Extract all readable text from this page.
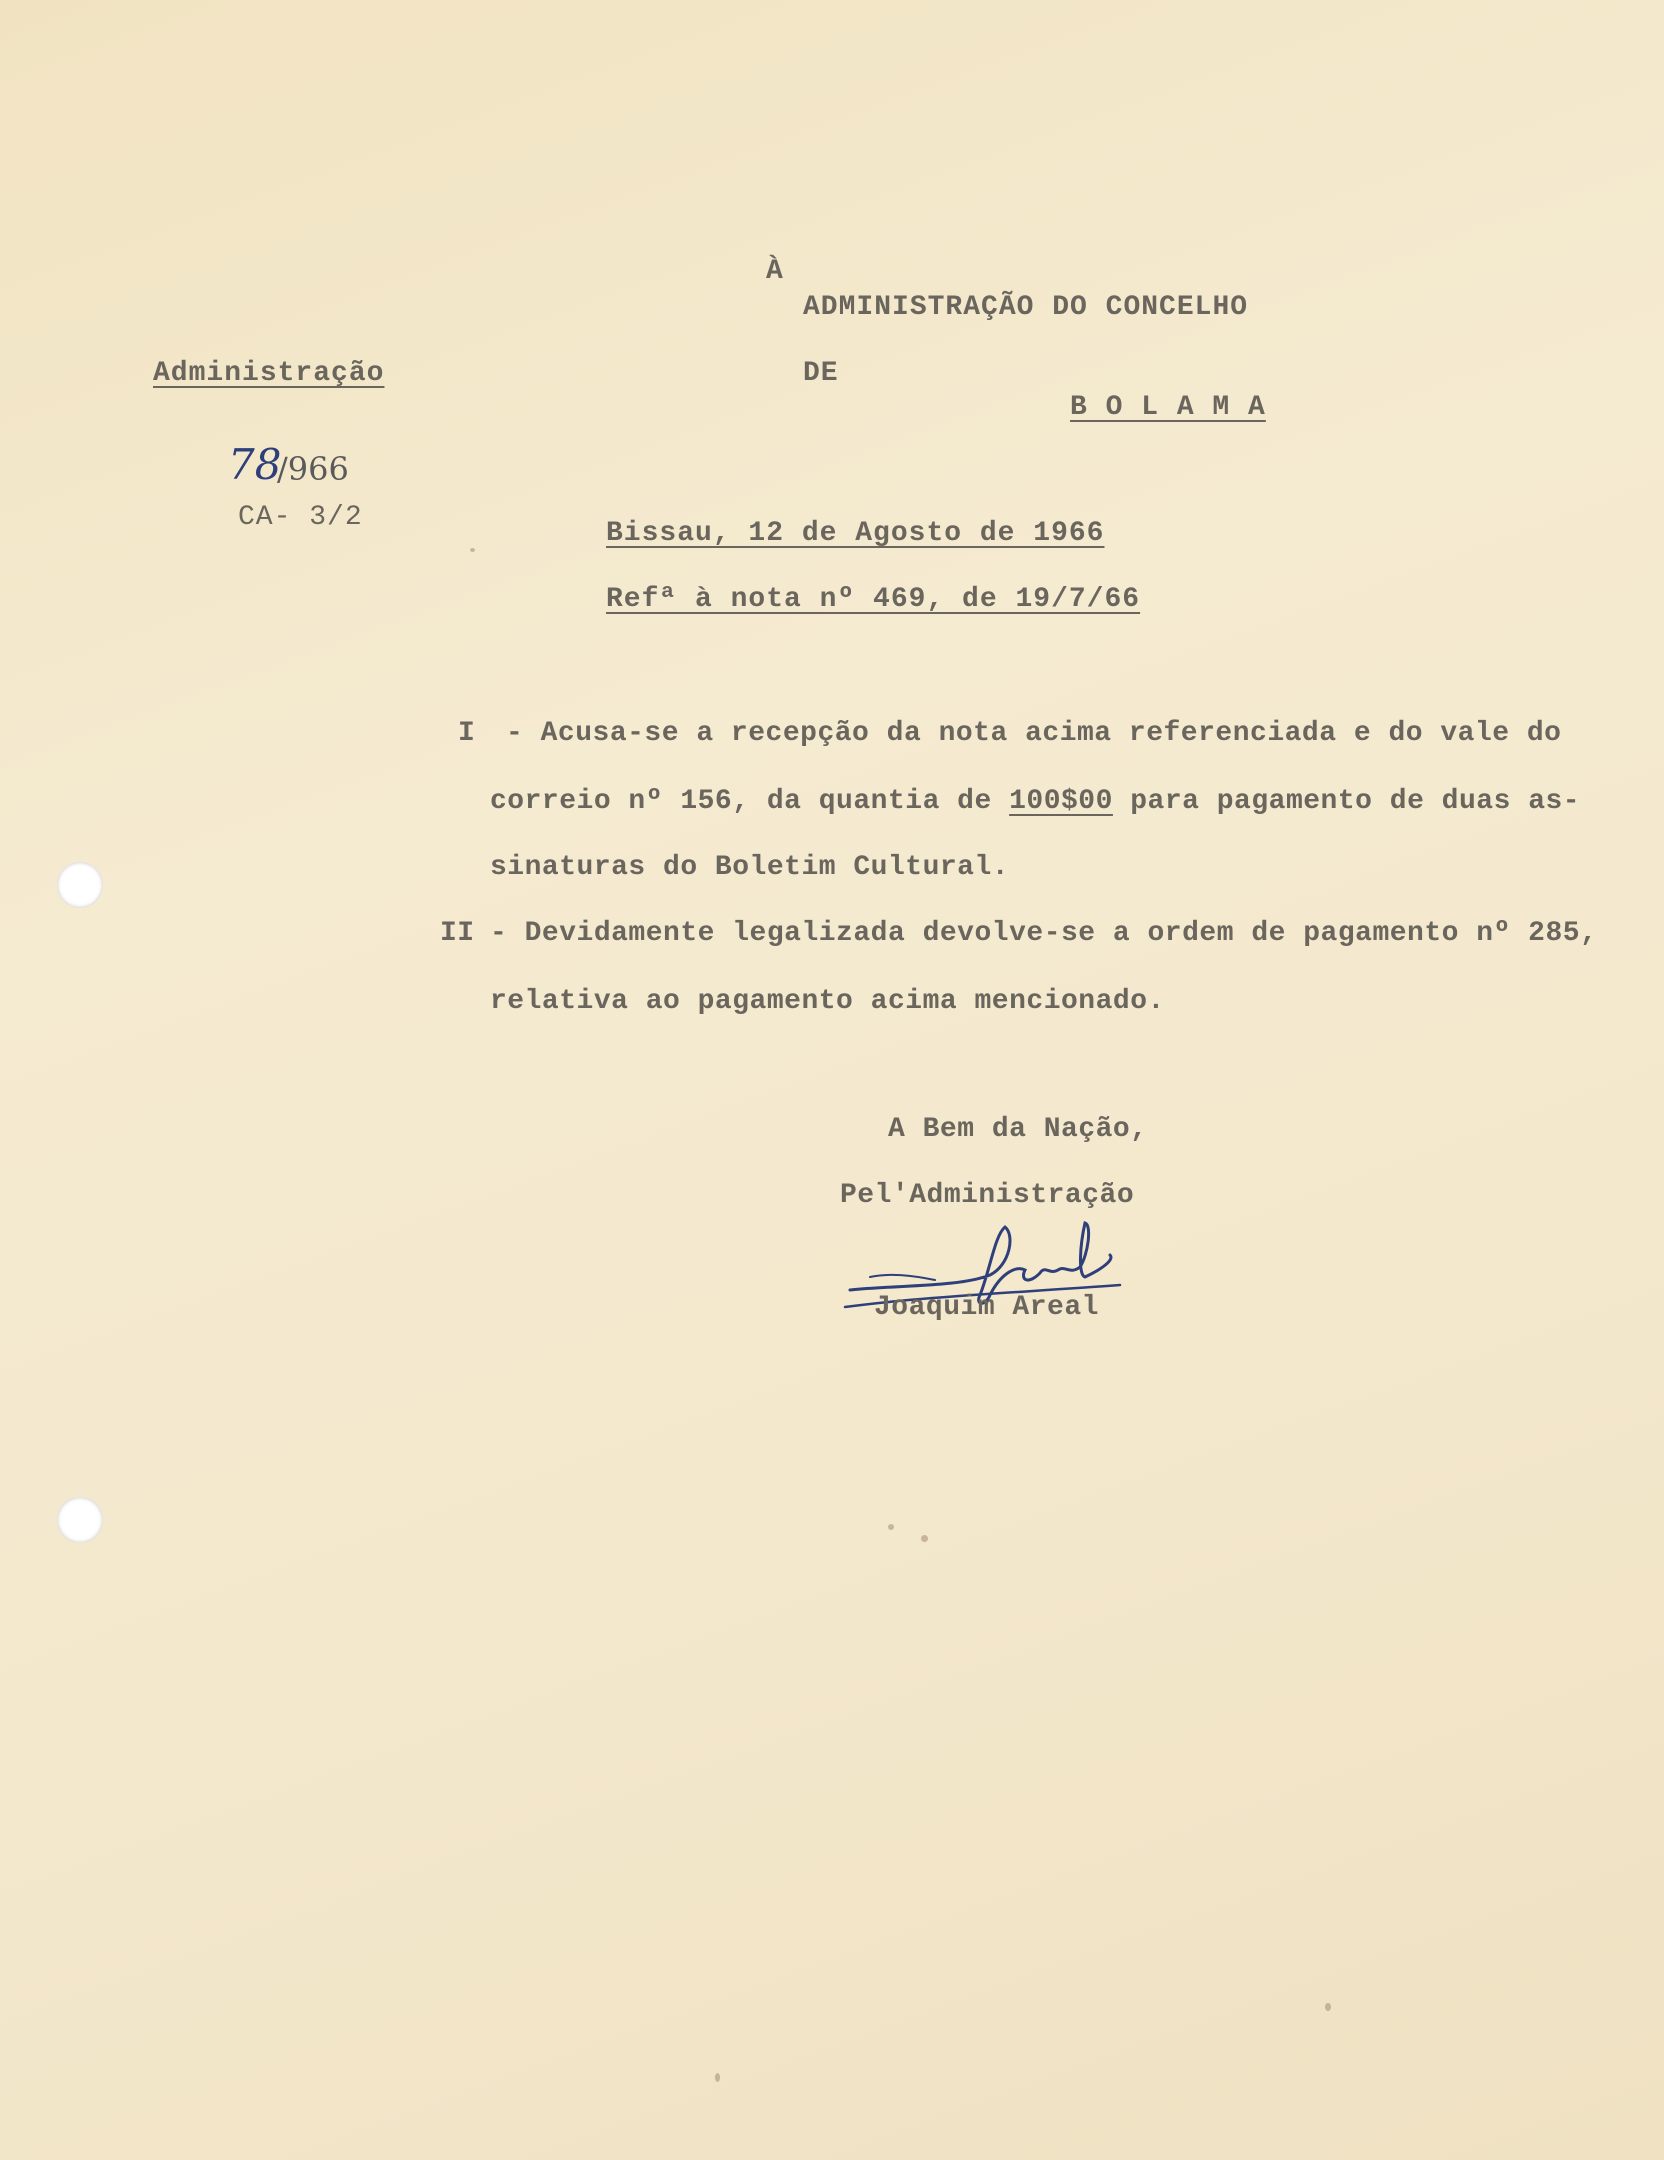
À
ADMINISTRAÇÃO DO CONCELHO
DE
B O L A M A
Administração
78
/966
CA- 3/2
Bissau, 12 de Agosto de 1966
Refª à nota nº 469, de 19/7/66
I - Acusa-se a recepção da nota acima referenciada e do vale do
correio nº 156, da quantia de 100$00 para pagamento de duas as-
sinaturas do Boletim Cultural.
II - Devidamente legalizada devolve-se a ordem de pagamento nº 285,
relativa ao pagamento acima mencionado.
A Bem da Nação,
Pel'Administração
Joaquim Areal
